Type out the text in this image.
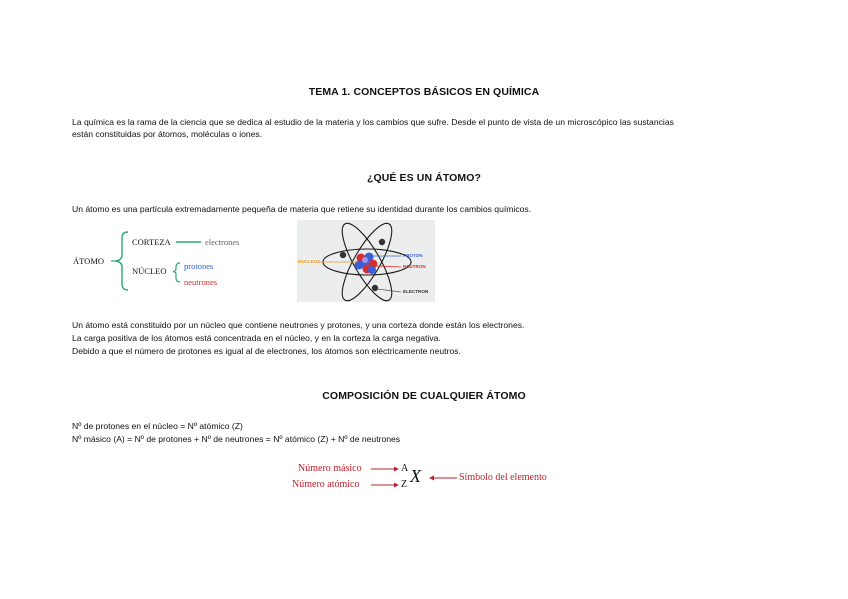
TEMA 1. CONCEPTOS BÁSICOS EN QUÍMICA
La química es la rama de la ciencia que se dedica al estudio de la materia y los cambios que sufre. Desde el punto de vista de un microscópico las sustancias
están constituidas por átomos, moléculas o iones.
¿QUÉ ES UN ÁTOMO?
Un átomo es una partícula extremadamente pequeña de materia que retiene su identidad durante los cambios químicos.
ÁTOMO
CORTEZA	electrones
NÚCLEO protones
neutrones
NUCLEUS
PROTON
NEUTRON
ELECTRON
Un átomo está constituido por un núcleo que contiene neutrones y protones, y una corteza donde están los electrones.
La carga positiva de los átomos está concentrada en el núcleo, y en la corteza la carga negativa.
Debido a que el número de protones es igual al de electrones, los átomos son eléctricamente neutros.
COMPOSICIÓN DE CUALQUIER ÁTOMO
Nº de protones en el núcleo = Nº atómico (Z)
Nº másico (A) = Nº de protones + Nº de neutrones = Nº atómico (Z) + Nº de neutrones
Número másico
Número atómico
A
Z X	Símbolo del elemento
